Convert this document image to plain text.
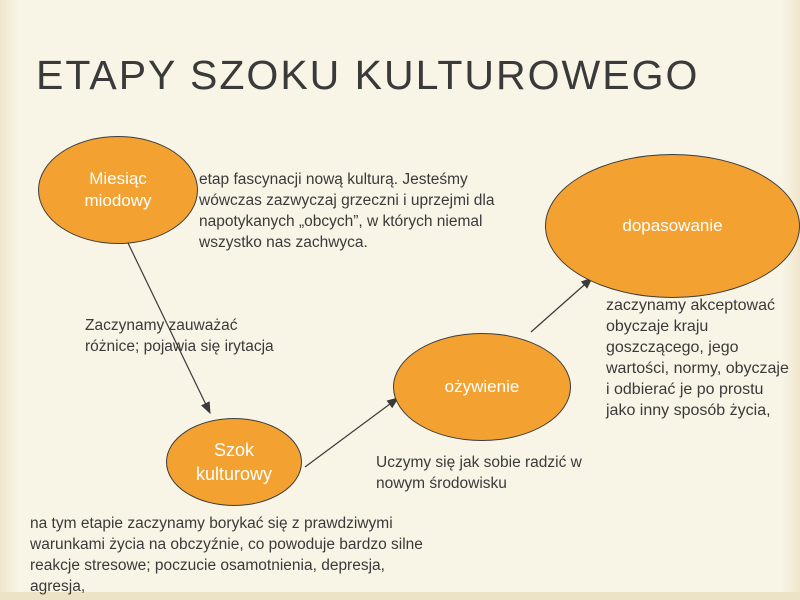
ETAPY SZOKU KULTUROWEGO
Miesiąc miodowy
Szok kulturowy
ożywienie
dopasowanie
etap fascynacji nową kulturą. Jesteśmy wówczas zazwyczaj grzeczni i uprzejmi dla napotykanych „obcych”, w których niemal wszystko nas zachwyca.
Zaczynamy zauważać różnice; pojawia się irytacja
zaczynamy akceptować obyczaje kraju goszczącego, jego wartości, normy, obyczaje i odbierać je po prostu jako inny sposób życia,
Uczymy się jak sobie radzić w nowym środowisku
na tym etapie zaczynamy borykać się z prawdziwymi warunkami życia na obczyźnie, co powoduje bardzo silne reakcje stresowe; poczucie osamotnienia, depresja, agresja,
